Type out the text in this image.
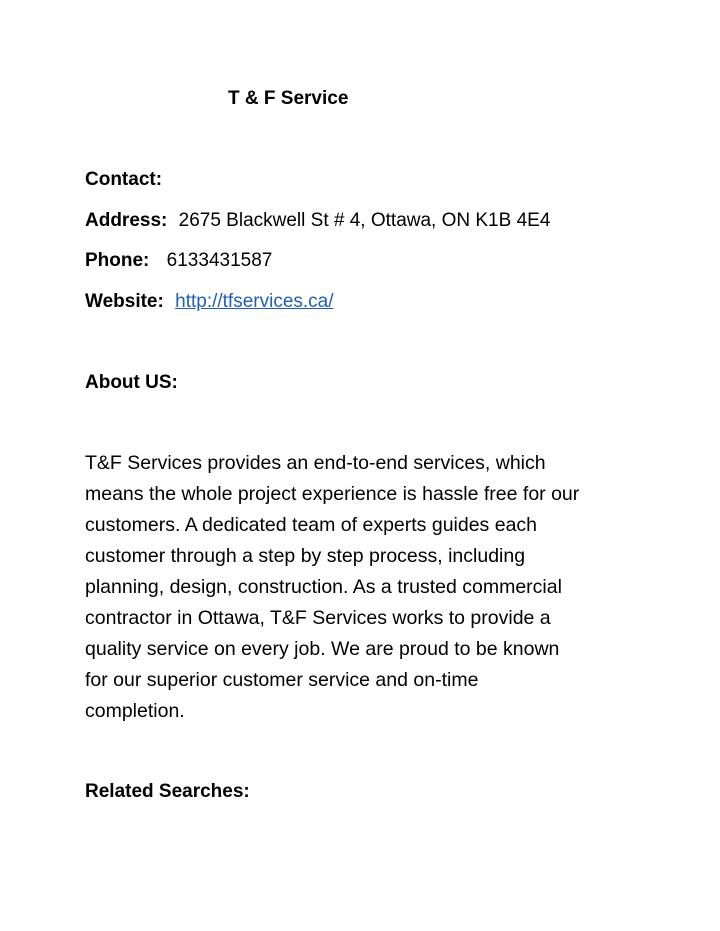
T & F Service
Contact:
Address: 2675 Blackwell St # 4, Ottawa, ON K1B 4E4
Phone: 6133431587
Website: http://tfservices.ca/
About US:
T&F Services provides an end-to-end services, which
means the whole project experience is hassle free for our
customers. A dedicated team of experts guides each
customer through a step by step process, including
planning, design, construction. As a trusted commercial
contractor in Ottawa, T&F Services works to provide a
quality service on every job. We are proud to be known
for our superior customer service and on-time
completion.
Related Searches:
